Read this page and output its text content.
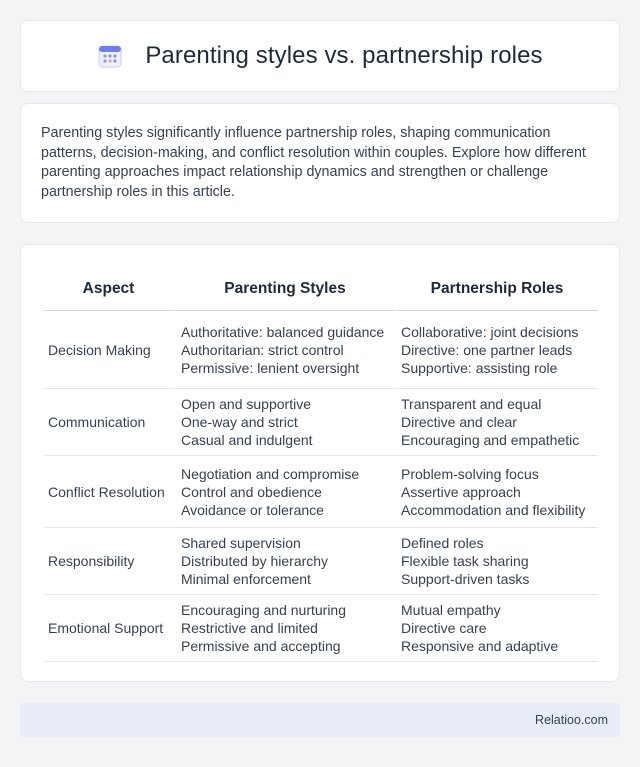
Parenting styles vs. partnership roles

Parenting styles significantly influence partnership roles, shaping communication patterns, decision-making, and conflict resolution within couples. Explore how different parenting approaches impact relationship dynamics and strengthen or challenge partnership roles in this article.

Aspect	Parenting Styles	Partnership Roles
Decision Making	Authoritative: balanced guidance
Authoritarian: strict control
Permissive: lenient oversight	Collaborative: joint decisions
Directive: one partner leads
Supportive: assisting role

Communication	Open and supportive
One-way and strict
Casual and indulgent	Transparent and equal
Directive and clear
Encouraging and empathetic

Conflict Resolution	Negotiation and compromise
Control and obedience
Avoidance or tolerance	Problem-solving focus
Assertive approach
Accommodation and flexibility

Responsibility	Shared supervision
Distributed by hierarchy
Minimal enforcement	Defined roles
Flexible task sharing
Support-driven tasks

Emotional Support	Encouraging and nurturing
Restrictive and limited
Permissive and accepting	Mutual empathy
Directive care
Responsive and adaptive
Relatioo.com
